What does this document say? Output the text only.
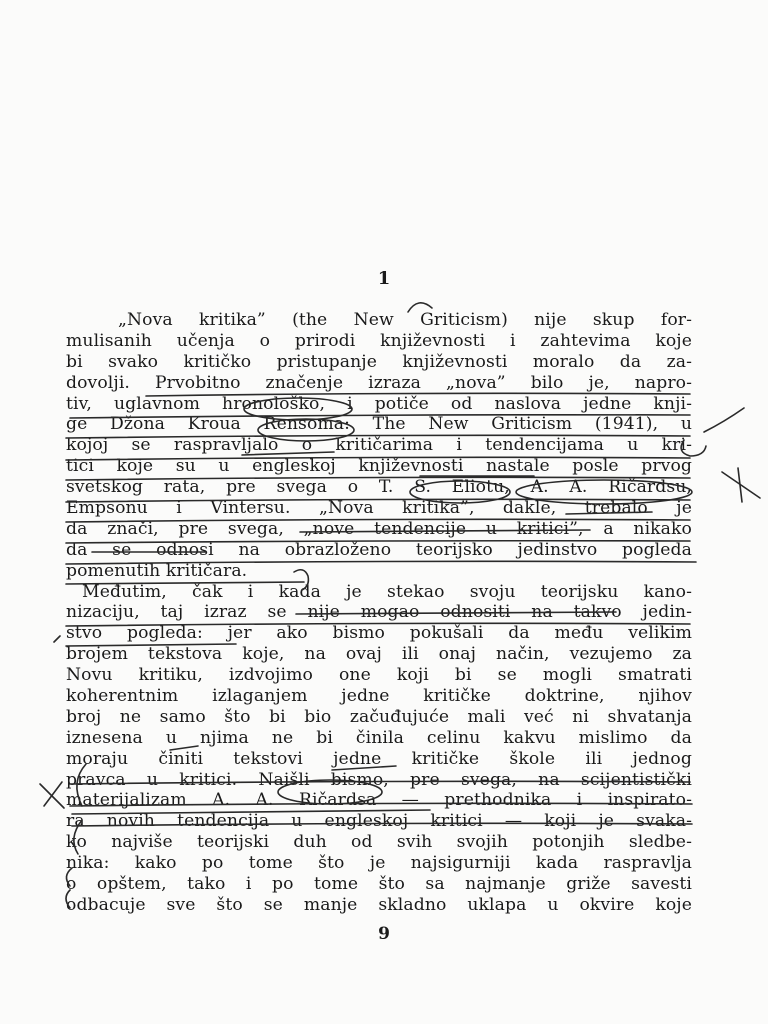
1
„Nova kritika” (the New Griticism) nije skup for-
mulisanih učenja o prirodi književnosti i zahtevima koje
bi svako kritičko pristupanje književnosti moralo da za-
dovolji. Prvobitno značenje izraza „nova” bilo je, napro-
tiv, uglavnom hronološko, i potiče od naslova jedne knji-
ge Džona Kroua Rensoma: The New Griticism (1941), u
kojoj se raspravljalo o kritičarima i tendencijama u kri-
tici koje su u engleskoj književnosti nastale posle prvog
svetskog rata, pre svega o T. S. Eliotu, A. A. Ričardsu,
Empsonu i Vintersu. „Nova kritika”, dakle, trebalo je
da znači, pre svega, „nove tendencije u kritici”, a nikako
da se odnosi na obrazloženo teorijsko jedinstvo pogleda
pomenutih kritičara.
Međutim, čak i kada je stekao svoju teorijsku kano-
nizaciju, taj izraz se nije mogao odnositi na takvo jedin-
stvo pogleda: jer ako bismo pokušali da među velikim
brojem tekstova koje, na ovaj ili onaj način, vezujemo za
Novu kritiku, izdvojimo one koji bi se mogli smatrati
koherentnim izlaganjem jedne kritičke doktrine, njihov
broj ne samo što bi bio začuđujuće mali već ni shvatanja
iznesena u njima ne bi činila celinu kakvu mislimo da
moraju činiti tekstovi jedne kritičke škole ili jednog
pravca u kritici. Naišli bismo, pre svega, na scijentistički
materijalizam A. A. Ričardsa — prethodnika i inspirato-
ra novih tendencija u engleskoj kritici — koji je svaka-
ko najviše teorijski duh od svih svojih potonjih sledbe-
nika: kako po tome što je najsigurniji kada raspravlja
o opštem, tako i po tome što sa najmanje griže savesti
odbacuje sve što se manje skladno uklapa u okvire koje
9
